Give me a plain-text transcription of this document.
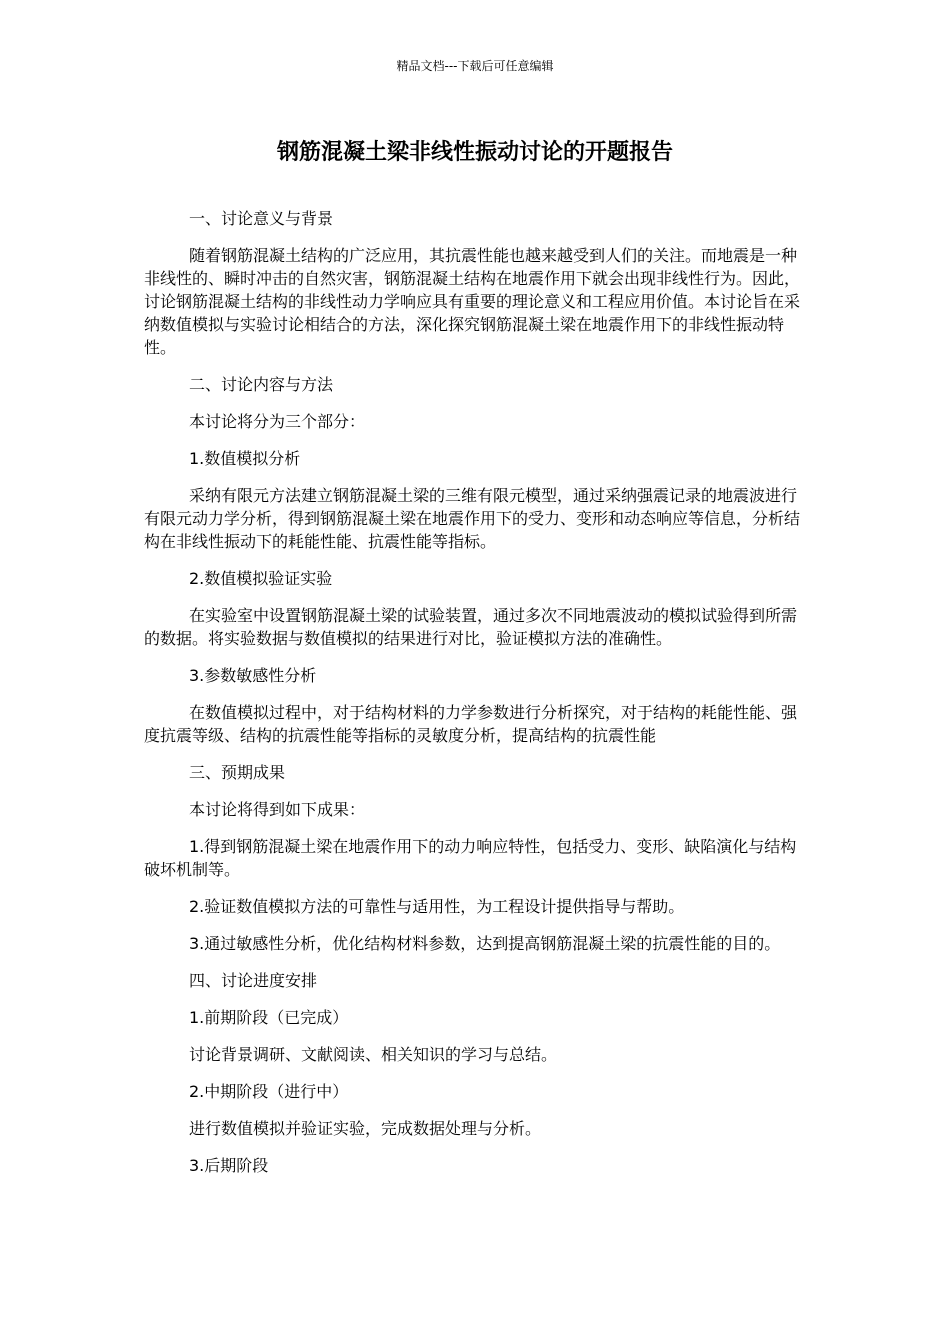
精品文档---下载后可任意编辑
钢筋混凝土梁非线性振动讨论的开题报告

一、讨论意义与背景

随着钢筋混凝土结构的广泛应用，其抗震性能也越来越受到人们的关注。而地震是一种非线性的、瞬时冲击的自然灾害，钢筋混凝土结构在地震作用下就会出现非线性行为。因此，讨论钢筋混凝土结构的非线性动力学响应具有重要的理论意义和工程应用价值。本讨论旨在采纳数值模拟与实验讨论相结合的方法，深化探究钢筋混凝土梁在地震作用下的非线性振动特性。

二、讨论内容与方法

本讨论将分为三个部分：

1.数值模拟分析

采纳有限元方法建立钢筋混凝土梁的三维有限元模型，通过采纳强震记录的地震波进行有限元动力学分析，得到钢筋混凝土梁在地震作用下的受力、变形和动态响应等信息，分析结构在非线性振动下的耗能性能、抗震性能等指标。

2.数值模拟验证实验

在实验室中设置钢筋混凝土梁的试验装置，通过多次不同地震波动的模拟试验得到所需的数据。将实验数据与数值模拟的结果进行对比，验证模拟方法的准确性。

3.参数敏感性分析

在数值模拟过程中，对于结构材料的力学参数进行分析探究，对于结构的耗能性能、强度抗震等级、结构的抗震性能等指标的灵敏度分析，提高结构的抗震性能

三、预期成果

本讨论将得到如下成果：

1.得到钢筋混凝土梁在地震作用下的动力响应特性，包括受力、变形、缺陷演化与结构破坏机制等。

2.验证数值模拟方法的可靠性与适用性，为工程设计提供指导与帮助。

3.通过敏感性分析，优化结构材料参数，达到提高钢筋混凝土梁的抗震性能的目的。

四、讨论进度安排

1.前期阶段（已完成）

讨论背景调研、文献阅读、相关知识的学习与总结。

2.中期阶段（进行中）

进行数值模拟并验证实验，完成数据处理与分析。

3.后期阶段
